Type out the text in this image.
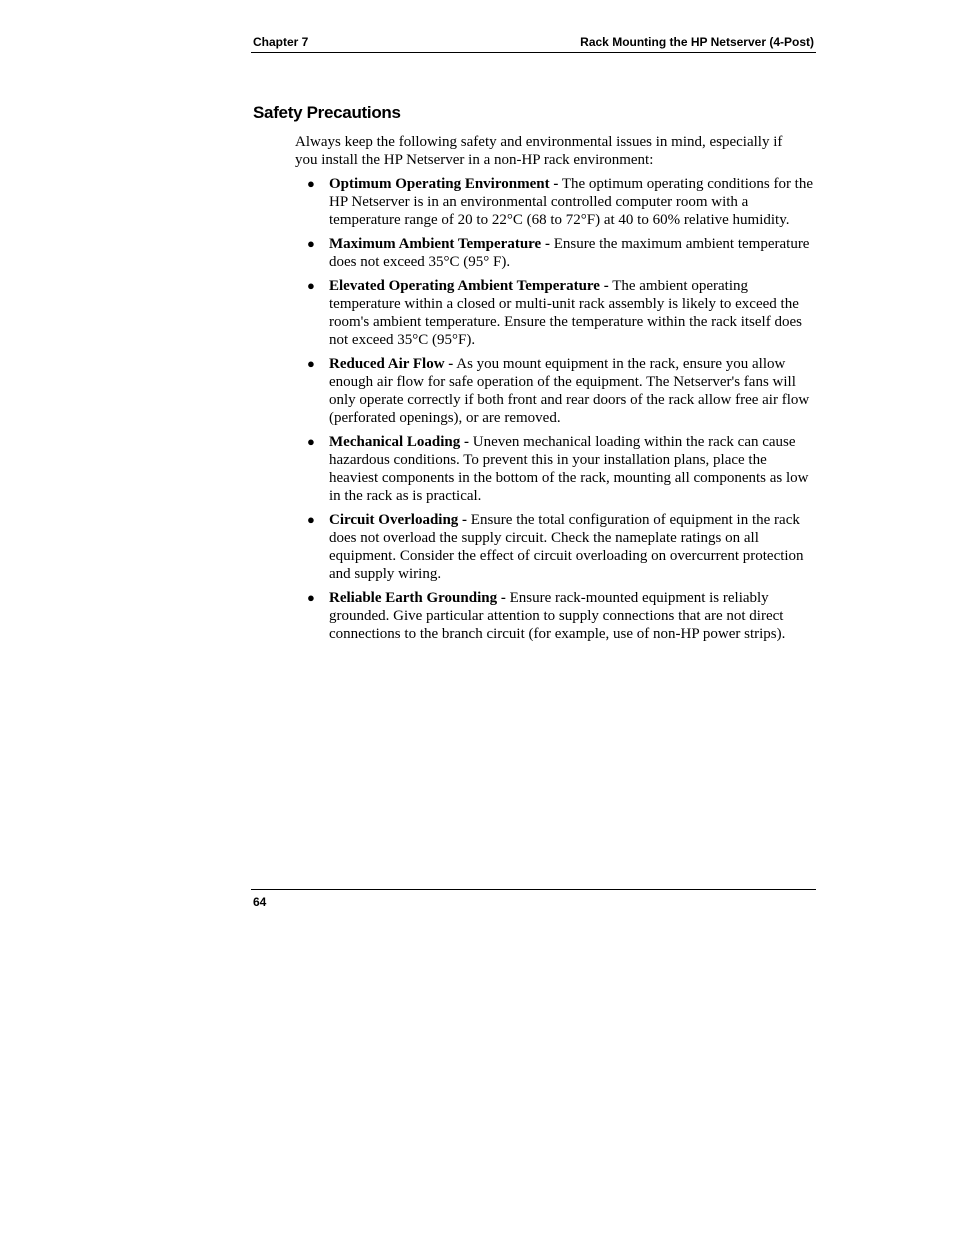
Chapter 7	Rack Mounting the HP Netserver (4-Post)
Safety Precautions

Always keep the following safety and environmental issues in mind, especially if you install the HP Netserver in a non-HP rack environment:

● Optimum Operating Environment - The optimum operating conditions for the HP Netserver is in an environmental controlled computer room with a temperature range of 20 to 22°C (68 to 72°F) at 40 to 60% relative humidity.
● Maximum Ambient Temperature - Ensure the maximum ambient temperature does not exceed 35°C (95° F).
● Elevated Operating Ambient Temperature - The ambient operating temperature within a closed or multi-unit rack assembly is likely to exceed the room's ambient temperature. Ensure the temperature within the rack itself does not exceed 35°C (95°F).
● Reduced Air Flow - As you mount equipment in the rack, ensure you allow enough air flow for safe operation of the equipment. The Netserver's fans will only operate correctly if both front and rear doors of the rack allow free air flow (perforated openings), or are removed.
● Mechanical Loading - Uneven mechanical loading within the rack can cause hazardous conditions. To prevent this in your installation plans, place the heaviest components in the bottom of the rack, mounting all components as low in the rack as is practical.
● Circuit Overloading - Ensure the total configuration of equipment in the rack does not overload the supply circuit. Check the nameplate ratings on all equipment. Consider the effect of circuit overloading on overcurrent protection and supply wiring.
● Reliable Earth Grounding - Ensure rack-mounted equipment is reliably grounded. Give particular attention to supply connections that are not direct connections to the branch circuit (for example, use of non-HP power strips).
64
